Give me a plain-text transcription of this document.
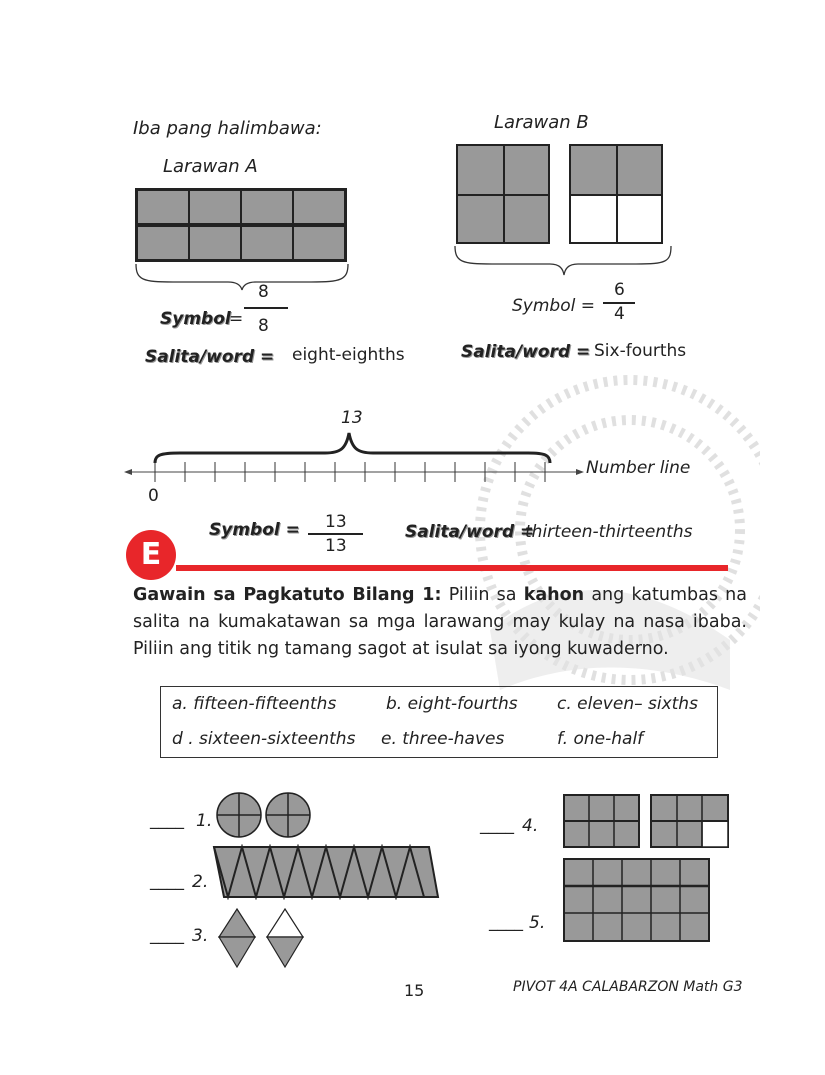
Iba pang halimbawa:
Larawan A
8
8
Symbol
=
Salita/word = eight-eighths
Larawan B
Symbol =
6
4
Salita/word = Six-fourths
13
0
Number line
Symbol = 13
13
Salita/word =
thirteen-thirteenths
E
Gawain sa Pagkatuto Bilang 1: Piliin sa kahon ang katumbas na salita na kumakatawan sa mga larawang may kulay na nasa ibaba. Piliin ang titik ng tamang sagot at isulat sa iyong kuwaderno.
a. fifteen-fifteenths	b. eight-fourths c. eleven– sixths
d . sixteen-sixteenths e. three-haves	f. one-half
____ 1.
____ 2.
____ 3.
____ 4.
____ 5.
15	PIVOT 4A CALABARZON Math G3
